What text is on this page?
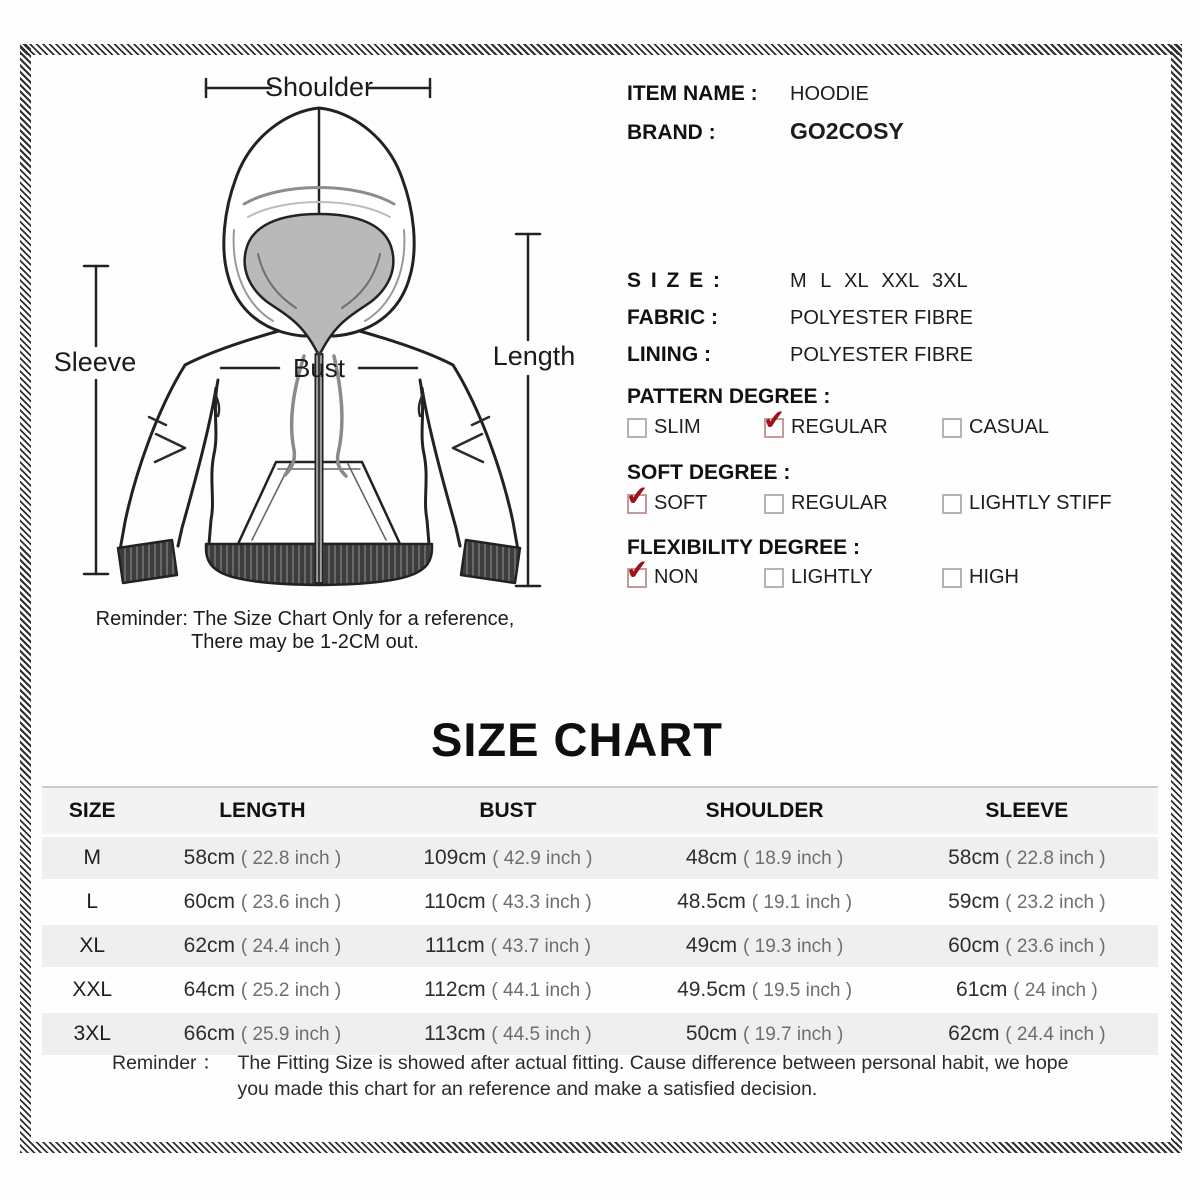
Shoulder
Bust
Sleeve	Length
Reminder: The Size Chart Only for a reference,
There may be 1-2CM out.
ITEM NAME :	HOODIE
BRAND :	GO2COSY
S I Z E :	M L XL XXL 3XL
FABRIC :	POLYESTER FIBRE
LINING :	POLYESTER FIBRE
PATTERN DEGREE :
SLIM ✔ REGULAR	CASUAL
SOFT DEGREE :
✔ SOFT	REGULAR	LIGHTLY STIFF
FLEXIBILITY DEGREE :
✔ NON	LIGHTLY	HIGH
SIZE CHART
SIZE	LENGTH	BUST	SHOULDER	SLEEVE
M	58cm ( 22.8 inch )	109cm ( 42.9 inch )	48cm ( 18.9 inch )	58cm ( 22.8 inch )
L	60cm ( 23.6 inch )	110cm ( 43.3 inch )	48.5cm ( 19.1 inch )	59cm ( 23.2 inch )
XL	62cm ( 24.4 inch )	111cm ( 43.7 inch )	49cm ( 19.3 inch )	60cm ( 23.6 inch )
XXL	64cm ( 25.2 inch )	112cm ( 44.1 inch )	49.5cm ( 19.5 inch )	61cm ( 24 inch )
3XL	66cm ( 25.9 inch )	113cm ( 44.5 inch )	50cm ( 19.7 inch )	62cm ( 24.4 inch )
Reminder ： The Fitting Size is showed after actual fitting. Cause difference between personal habit, we hope
you made this chart for an reference and make a satisfied decision.
